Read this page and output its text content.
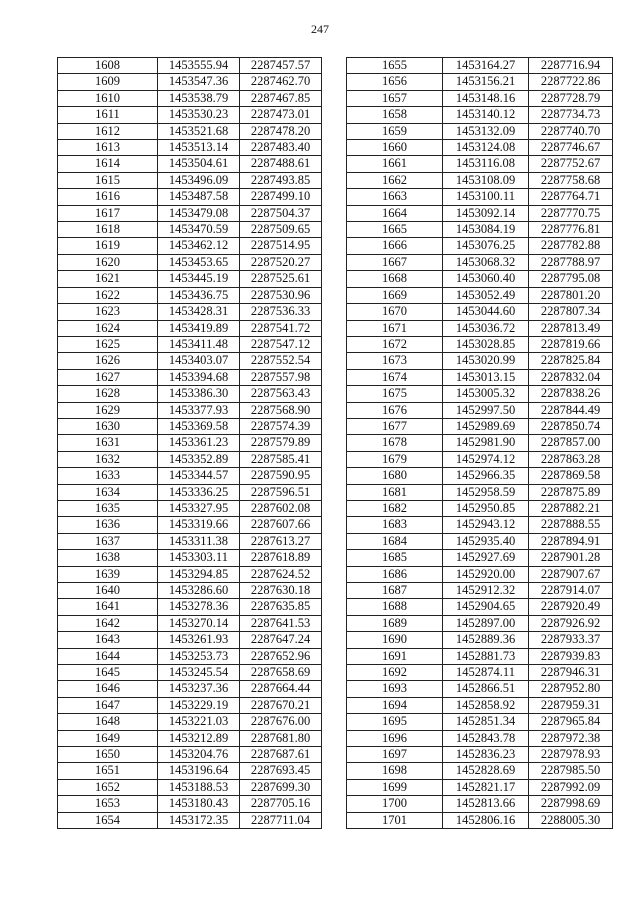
247
1608	1453555.94	2287457.57
1609	1453547.36	2287462.70
1610	1453538.79	2287467.85
1611	1453530.23	2287473.01
1612	1453521.68	2287478.20
1613	1453513.14	2287483.40
1614	1453504.61	2287488.61
1615	1453496.09	2287493.85
1616	1453487.58	2287499.10
1617	1453479.08	2287504.37
1618	1453470.59	2287509.65
1619	1453462.12	2287514.95
1620	1453453.65	2287520.27
1621	1453445.19	2287525.61
1622	1453436.75	2287530.96
1623	1453428.31	2287536.33
1624	1453419.89	2287541.72
1625	1453411.48	2287547.12
1626	1453403.07	2287552.54
1627	1453394.68	2287557.98
1628	1453386.30	2287563.43
1629	1453377.93	2287568.90
1630	1453369.58	2287574.39
1631	1453361.23	2287579.89
1632	1453352.89	2287585.41
1633	1453344.57	2287590.95
1634	1453336.25	2287596.51
1635	1453327.95	2287602.08
1636	1453319.66	2287607.66
1637	1453311.38	2287613.27
1638	1453303.11	2287618.89
1639	1453294.85	2287624.52
1640	1453286.60	2287630.18
1641	1453278.36	2287635.85
1642	1453270.14	2287641.53
1643	1453261.93	2287647.24
1644	1453253.73	2287652.96
1645	1453245.54	2287658.69
1646	1453237.36	2287664.44
1647	1453229.19	2287670.21
1648	1453221.03	2287676.00
1649	1453212.89	2287681.80
1650	1453204.76	2287687.61
1651	1453196.64	2287693.45
1652	1453188.53	2287699.30
1653	1453180.43	2287705.16
1654	1453172.35	2287711.04
1655	1453164.27	2287716.94
1656	1453156.21	2287722.86
1657	1453148.16	2287728.79
1658	1453140.12	2287734.73
1659	1453132.09	2287740.70
1660	1453124.08	2287746.67
1661	1453116.08	2287752.67
1662	1453108.09	2287758.68
1663	1453100.11	2287764.71
1664	1453092.14	2287770.75
1665	1453084.19	2287776.81
1666	1453076.25	2287782.88
1667	1453068.32	2287788.97
1668	1453060.40	2287795.08
1669	1453052.49	2287801.20
1670	1453044.60	2287807.34
1671	1453036.72	2287813.49
1672	1453028.85	2287819.66
1673	1453020.99	2287825.84
1674	1453013.15	2287832.04
1675	1453005.32	2287838.26
1676	1452997.50	2287844.49
1677	1452989.69	2287850.74
1678	1452981.90	2287857.00
1679	1452974.12	2287863.28
1680	1452966.35	2287869.58
1681	1452958.59	2287875.89
1682	1452950.85	2287882.21
1683	1452943.12	2287888.55
1684	1452935.40	2287894.91
1685	1452927.69	2287901.28
1686	1452920.00	2287907.67
1687	1452912.32	2287914.07
1688	1452904.65	2287920.49
1689	1452897.00	2287926.92
1690	1452889.36	2287933.37
1691	1452881.73	2287939.83
1692	1452874.11	2287946.31
1693	1452866.51	2287952.80
1694	1452858.92	2287959.31
1695	1452851.34	2287965.84
1696	1452843.78	2287972.38
1697	1452836.23	2287978.93
1698	1452828.69	2287985.50
1699	1452821.17	2287992.09
1700	1452813.66	2287998.69
1701	1452806.16	2288005.30
